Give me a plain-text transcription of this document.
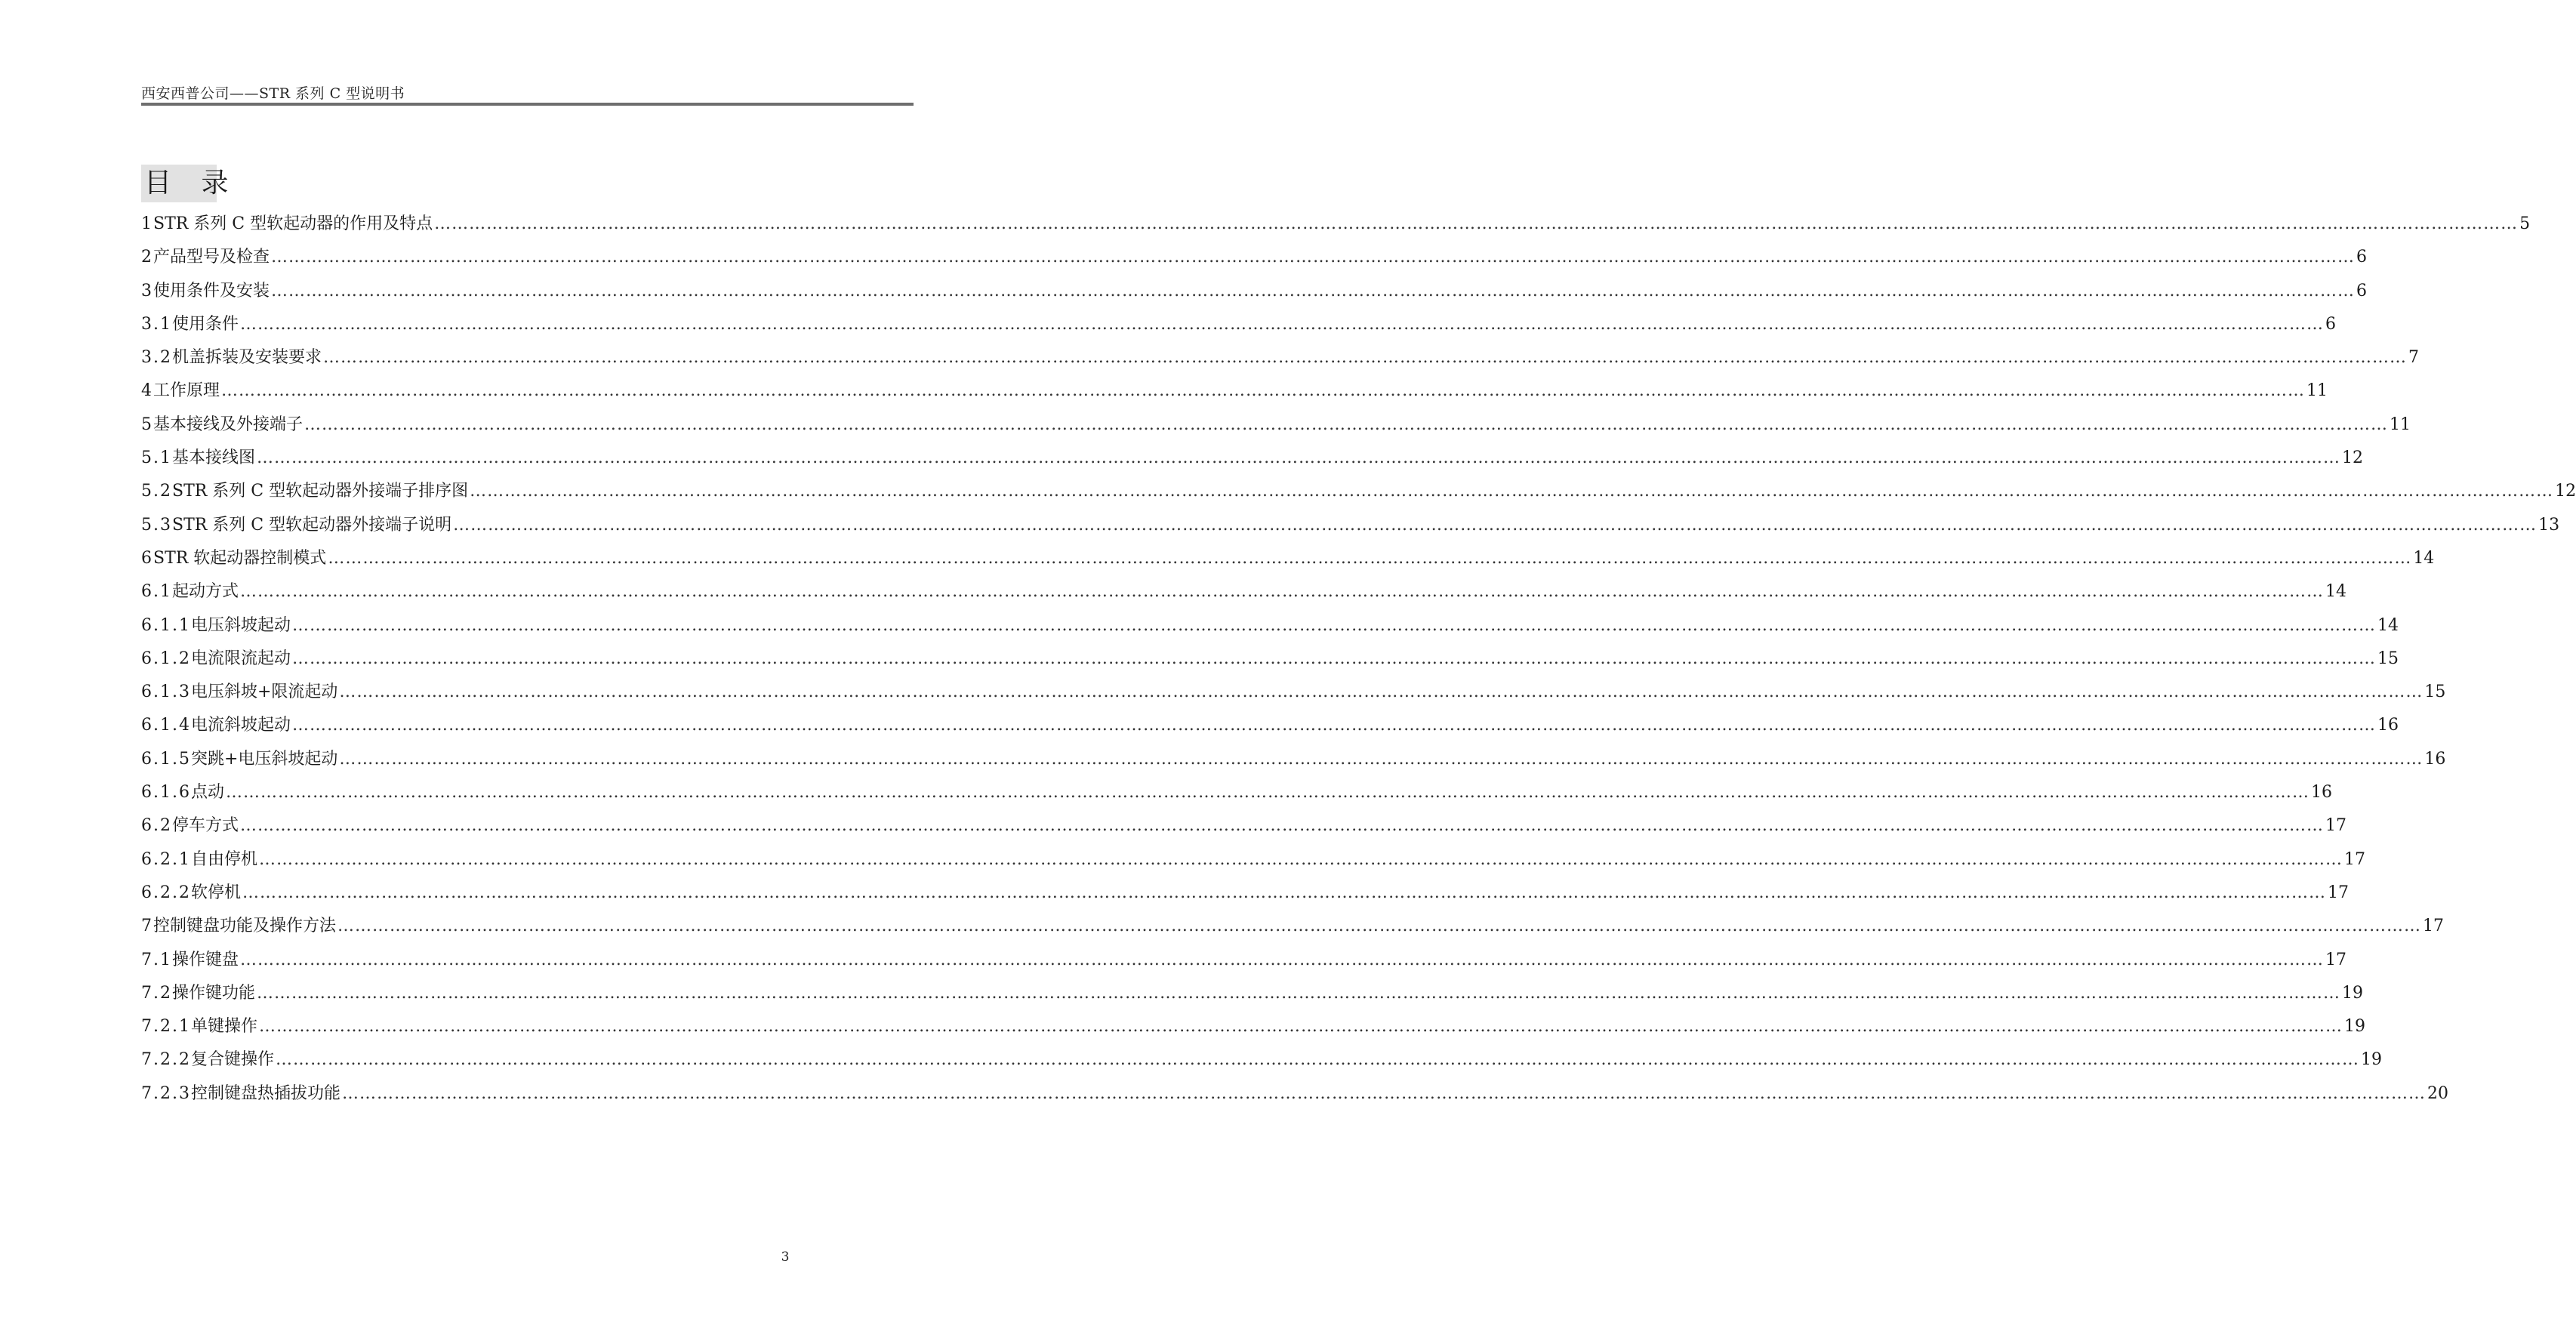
西安西普公司——STR 系列 C 型说明书
目 录
1 STR 系列 C 型软起动器的作用及特点 ……………………………………………………………………………………………………………………………………………………………………………………………………………………………………………………………………………………………………………………………… 5
2 产品型号及检查 ……………………………………………………………………………………………………………………………………………………………………………………………………………………………………………………………………………………………………………………………… 6
3 使用条件及安装 ……………………………………………………………………………………………………………………………………………………………………………………………………………………………………………………………………………………………………………………………… 6
3.1 使用条件 ……………………………………………………………………………………………………………………………………………………………………………………………………………………………………………………………………………………………………………………………… 6
3.2 机盖拆装及安装要求 ……………………………………………………………………………………………………………………………………………………………………………………………………………………………………………………………………………………………………………………………… 7
4 工作原理 ……………………………………………………………………………………………………………………………………………………………………………………………………………………………………………………………………………………………………………………………… 11
5 基本接线及外接端子 ……………………………………………………………………………………………………………………………………………………………………………………………………………………………………………………………………………………………………………………………… 11
5.1 基本接线图 ……………………………………………………………………………………………………………………………………………………………………………………………………………………………………………………………………………………………………………………………… 12
5.2 STR 系列 C 型软起动器外接端子排序图 ……………………………………………………………………………………………………………………………………………………………………………………………………………………………………………………………………………………………………………………………… 12
5.3 STR 系列 C 型软起动器外接端子说明 ……………………………………………………………………………………………………………………………………………………………………………………………………………………………………………………………………………………………………………………………… 13
6 STR 软起动器控制模式 ……………………………………………………………………………………………………………………………………………………………………………………………………………………………………………………………………………………………………………………………… 14
6.1 起动方式 ……………………………………………………………………………………………………………………………………………………………………………………………………………………………………………………………………………………………………………………………… 14
6.1.1 电压斜坡起动 ……………………………………………………………………………………………………………………………………………………………………………………………………………………………………………………………………………………………………………………………… 14
6.1.2 电流限流起动 ……………………………………………………………………………………………………………………………………………………………………………………………………………………………………………………………………………………………………………………………… 15
6.1.3 电压斜坡+限流起动 ……………………………………………………………………………………………………………………………………………………………………………………………………………………………………………………………………………………………………………………………… 15
6.1.4 电流斜坡起动 ……………………………………………………………………………………………………………………………………………………………………………………………………………………………………………………………………………………………………………………………… 16
6.1.5 突跳+电压斜坡起动 ……………………………………………………………………………………………………………………………………………………………………………………………………………………………………………………………………………………………………………………………… 16
6.1.6 点动 ……………………………………………………………………………………………………………………………………………………………………………………………………………………………………………………………………………………………………………………………… 16
6.2 停车方式 ……………………………………………………………………………………………………………………………………………………………………………………………………………………………………………………………………………………………………………………………… 17
6.2.1 自由停机 ……………………………………………………………………………………………………………………………………………………………………………………………………………………………………………………………………………………………………………………………… 17
6.2.2 软停机 ……………………………………………………………………………………………………………………………………………………………………………………………………………………………………………………………………………………………………………………………… 17
7 控制键盘功能及操作方法 ……………………………………………………………………………………………………………………………………………………………………………………………………………………………………………………………………………………………………………………………… 17
7.1 操作键盘 ……………………………………………………………………………………………………………………………………………………………………………………………………………………………………………………………………………………………………………………………… 17
7.2 操作键功能 ……………………………………………………………………………………………………………………………………………………………………………………………………………………………………………………………………………………………………………………………… 19
7.2.1 单键操作 ……………………………………………………………………………………………………………………………………………………………………………………………………………………………………………………………………………………………………………………………… 19
7.2.2 复合键操作 ……………………………………………………………………………………………………………………………………………………………………………………………………………………………………………………………………………………………………………………………… 19
7.2.3 控制键盘热插拔功能 ……………………………………………………………………………………………………………………………………………………………………………………………………………………………………………………………………………………………………………………………… 20
3
